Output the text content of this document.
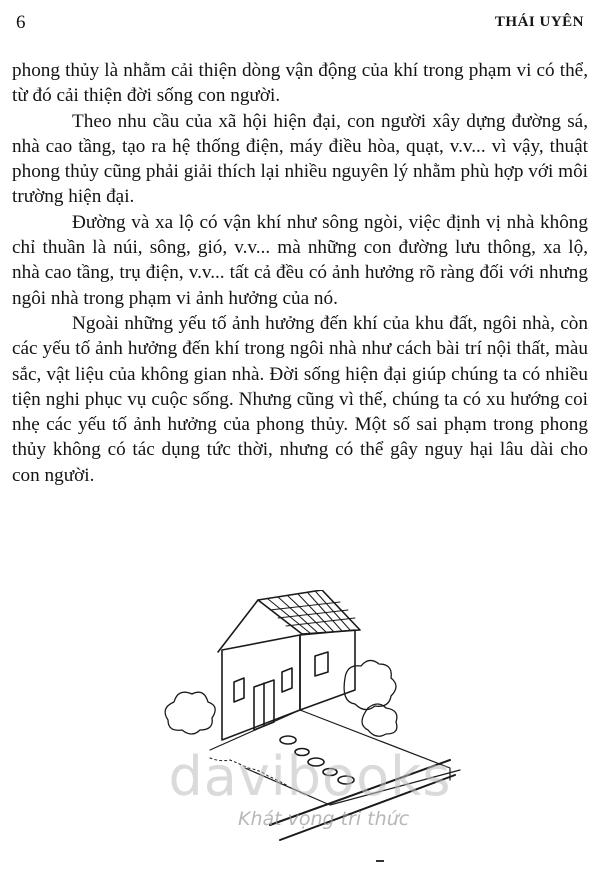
6	THÁI UYÊN

phong thủy là nhằm cải thiện dòng vận động của khí trong phạm vi có thể, từ đó cải thiện đời sống con người.

Theo nhu cầu của xã hội hiện đại, con người xây dựng đường sá, nhà cao tầng, tạo ra hệ thống điện, máy điều hòa, quạt, v.v... vì vậy, thuật phong thủy cũng phải giải thích lại nhiều nguyên lý nhằm phù hợp với môi trường hiện đại.

Đường và xa lộ có vận khí như sông ngòi, việc định vị nhà không chỉ thuần là núi, sông, gió, v.v... mà những con đường lưu thông, xa lộ, nhà cao tầng, trụ điện, v.v... tất cả đều có ảnh hưởng rõ ràng đối với nhưng ngôi nhà trong phạm vi ảnh hưởng của nó.

Ngoài những yếu tố ảnh hưởng đến khí của khu đất, ngôi nhà, còn các yếu tố ảnh hưởng đến khí trong ngôi nhà như cách bài trí nội thất, màu sắc, vật liệu của không gian nhà. Đời sống hiện đại giúp chúng ta có nhiều tiện nghi phục vụ cuộc sống. Nhưng cũng vì thế, chúng ta có xu hướng coi nhẹ các yếu tố ảnh hưởng của phong thủy. Một số sai phạm trong phong thủy không có tác dụng tức thời, nhưng có thể gây nguy hại lâu dài cho con người.

davibooks
Khát vọng tri thức
